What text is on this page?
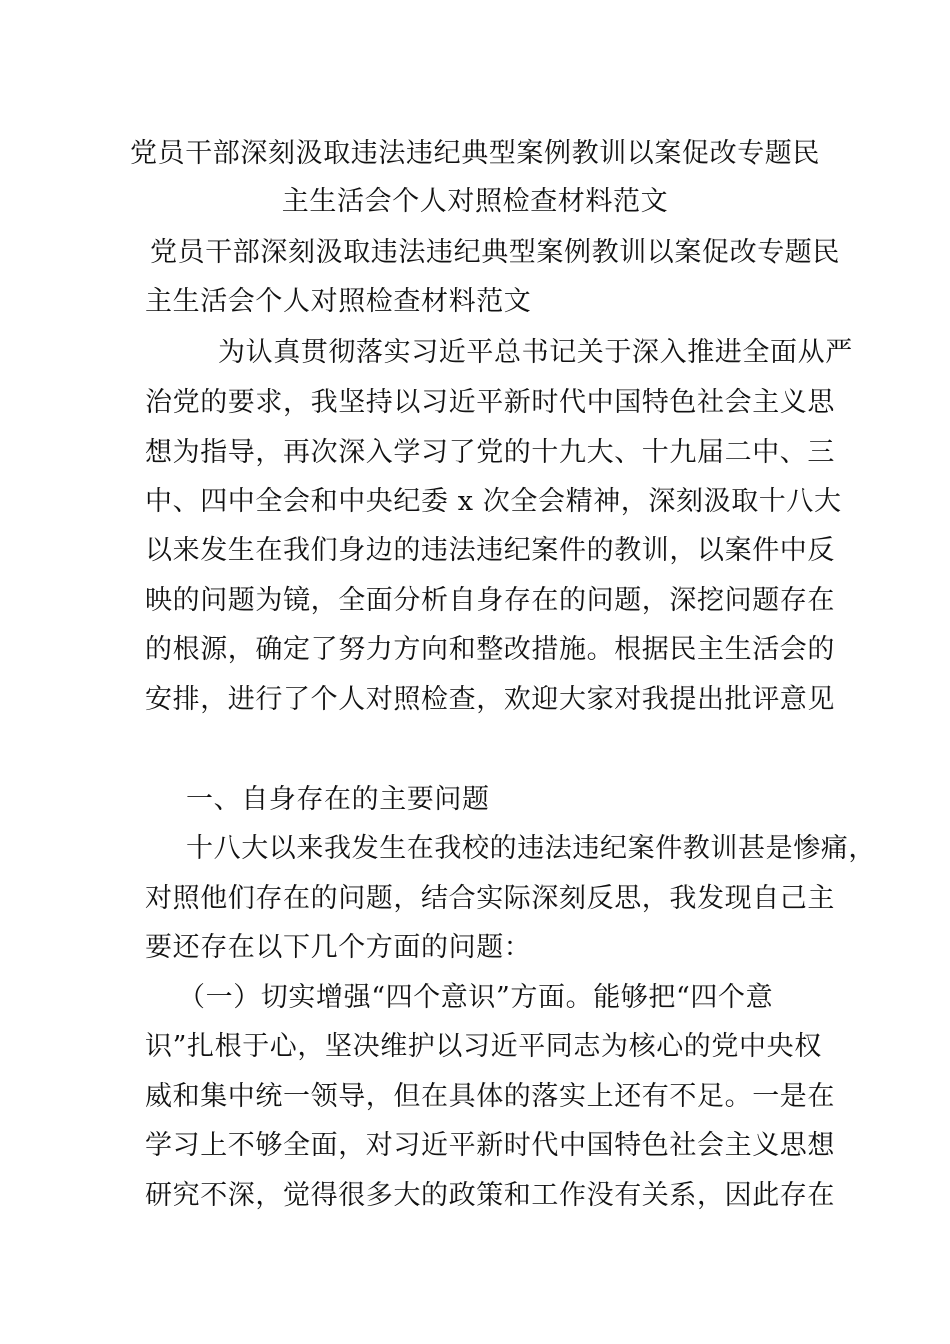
党员干部深刻汲取违法违纪典型案例教训以案促改专题民
主生活会个人对照检查材料范文
党员干部深刻汲取违法违纪典型案例教训以案促改专题民
主生活会个人对照检查材料范文
为认真贯彻落实习近平总书记关于深入推进全面从严
治党的要求，我坚持以习近平新时代中国特色社会主义思
想为指导，再次深入学习了党的十九大、十九届二中、三
中、四中全会和中央纪委 x 次全会精神，深刻汲取十八大
以来发生在我们身边的违法违纪案件的教训，以案件中反
映的问题为镜，全面分析自身存在的问题，深挖问题存在
的根源，确定了努力方向和整改措施。根据民主生活会的
安排，进行了个人对照检查，欢迎大家对我提出批评意见
一、自身存在的主要问题
十八大以来我发生在我校的违法违纪案件教训甚是惨痛，
对照他们存在的问题，结合实际深刻反思，我发现自己主
要还存在以下几个方面的问题：
（一）切实增强“四个意识”方面。能够把“四个意
识”扎根于心，坚决维护以习近平同志为核心的党中央权
威和集中统一领导，但在具体的落实上还有不足。一是在
学习上不够全面，对习近平新时代中国特色社会主义思想
研究不深，觉得很多大的政策和工作没有关系，因此存在
